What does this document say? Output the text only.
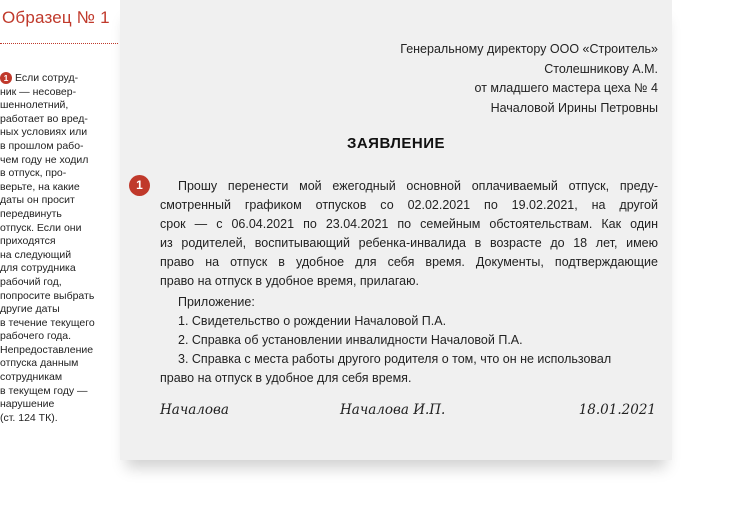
Образец № 1
1 Если сотруд-
ник — несовер-
шеннолетний,
работает во вред-
ных условиях или
в прошлом рабо-
чем году не ходил
в отпуск, про-
верьте, на какие
даты он просит
передвинуть
отпуск. Если они
приходятся
на следующий
для сотрудника
рабочий год,
попросите выбрать
другие даты
в течение текущего
рабочего года.
Непредоставление
отпуска данным
сотрудникам
в текущем году —
нарушение
(ст. 124 ТК).
Генеральному директору ООО «Строитель»
Столешникову А.М.
от младшего мастера цеха № 4
Началовой Ирины Петровны
ЗАЯВЛЕНИЕ
Прошу перенести мой ежегодный основной оплачиваемый отпуск, преду-
смотренный графиком отпусков со 02.02.2021 по 19.02.2021, на другой
срок — с 06.04.2021 по 23.04.2021 по семейным обстоятельствам. Как один
из родителей, воспитывающий ребенка-инвалида в возрасте до 18 лет, имею
право на отпуск в удобное для себя время. Документы, подтверждающие
право на отпуск в удобное время, прилагаю.
Приложение:
1. Свидетельство о рождении Началовой П.А.
2. Справка об установлении инвалидности Началовой П.А.
3. Справка с места работы другого родителя о том, что он не использовал
право на отпуск в удобное для себя время.
Началова	Началова И.П.	18.01.2021
1
